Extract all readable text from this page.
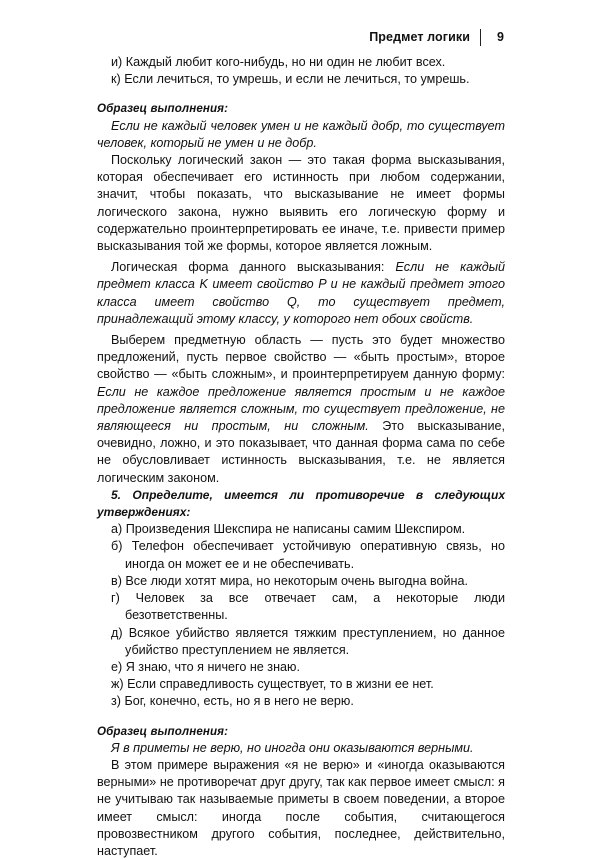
Предмет логики 9

и) Каждый любит кого-нибудь, но ни один не любит всех.

к) Если лечиться, то умрешь, и если не лечиться, то умрешь.

Образец выполнения:

Если не каждый человек умен и не каждый добр, то существует человек, который не умен и не добр.

Поскольку логический закон — это такая форма высказывания, которая обеспечивает его истинность при любом содержании, значит, чтобы показать, что высказывание не имеет формы логического закона, нужно выявить его логическую форму и содержательно проинтерпретировать ее иначе, т.е. привести пример высказывания той же формы, которое является ложным.

Логическая форма данного высказывания: Если не каждый предмет класса K имеет свойство P и не каждый предмет этого класса имеет свойство Q, то существует предмет, принадлежащий этому классу, у которого нет обоих свойств.

Выберем предметную область — пусть это будет множество предложений, пусть первое свойство — «быть простым», второе свойство — «быть сложным», и проинтерпретируем данную форму: Если не каждое предложение является простым и не каждое предложение является сложным, то существует предложение, не являющееся ни простым, ни сложным. Это высказывание, очевидно, ложно, и это показывает, что данная форма сама по себе не обусловливает истинность высказывания, т.е. не является логическим законом.

5. Определите, имеется ли противоречие в следующих утверждениях:

а) Произведения Шекспира не написаны самим Шекспиром.

б) Телефон обеспечивает устойчивую оперативную связь, но иногда он может ее и не обеспечивать.

в) Все люди хотят мира, но некоторым очень выгодна война.

г) Человек за все отвечает сам, а некоторые люди безответственны.

д) Всякое убийство является тяжким преступлением, но данное убийство преступлением не является.

е) Я знаю, что я ничего не знаю.

ж) Если справедливость существует, то в жизни ее нет.

з) Бог, конечно, есть, но я в него не верю.

Образец выполнения:

Я в приметы не верю, но иногда они оказываются верными.

В этом примере выражения «я не верю» и «иногда оказываются верными» не противоречат друг другу, так как первое имеет смысл: я не учитываю так называемые приметы в своем поведении, а второе имеет смысл: иногда после события, считающегося провозвестником другого события, последнее, действительно, наступает.
